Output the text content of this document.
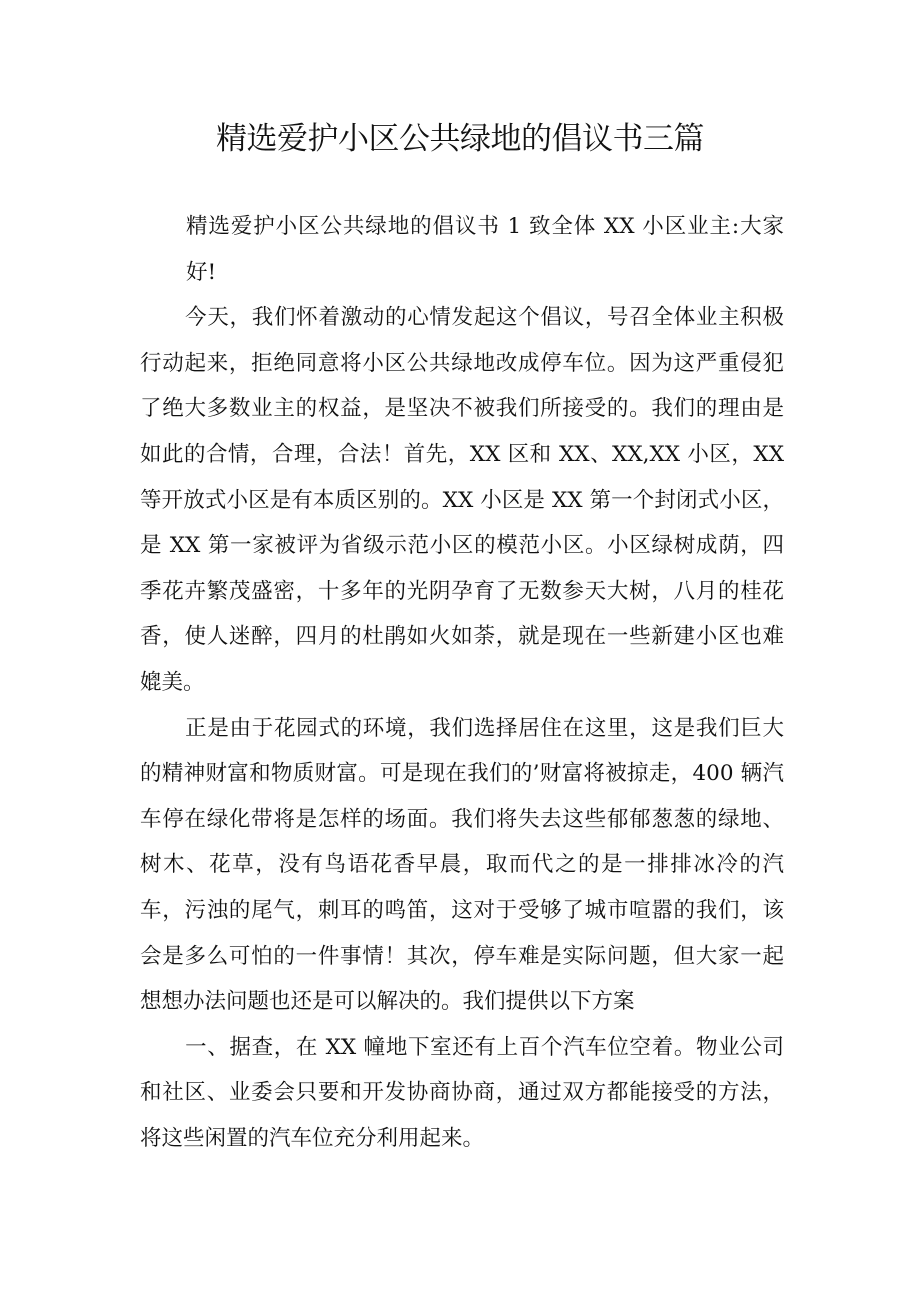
精选爱护小区公共绿地的倡议书三篇

精选爱护小区公共绿地的倡议书 1 致全体 XX 小区业主:大家好!

今天，我们怀着激动的心情发起这个倡议，号召全体业主积极行动起来，拒绝同意将小区公共绿地改成停车位。因为这严重侵犯了绝大多数业主的权益，是坚决不被我们所接受的。我们的理由是如此的合情，合理，合法！首先，XX 区和 XX、XX,XX 小区，XX 等开放式小区是有本质区别的。XX 小区是 XX 第一个封闭式小区，是 XX 第一家被评为省级示范小区的模范小区。小区绿树成荫，四季花卉繁茂盛密，十多年的光阴孕育了无数参天大树，八月的桂花香，使人迷醉，四月的杜鹃如火如荼，就是现在一些新建小区也难媲美。

正是由于花园式的环境，我们选择居住在这里，这是我们巨大的精神财富和物质财富。可是现在我们的’财富将被掠走，400 辆汽车停在绿化带将是怎样的场面。我们将失去这些郁郁葱葱的绿地、树木、花草，没有鸟语花香早晨，取而代之的是一排排冰冷的汽车，污浊的尾气，刺耳的鸣笛，这对于受够了城市喧嚣的我们，该会是多么可怕的一件事情！其次，停车难是实际问题，但大家一起想想办法问题也还是可以解决的。我们提供以下方案

一、据查，在 XX 幢地下室还有上百个汽车位空着。物业公司和社区、业委会只要和开发协商协商，通过双方都能接受的方法，将这些闲置的汽车位充分利用起来。
